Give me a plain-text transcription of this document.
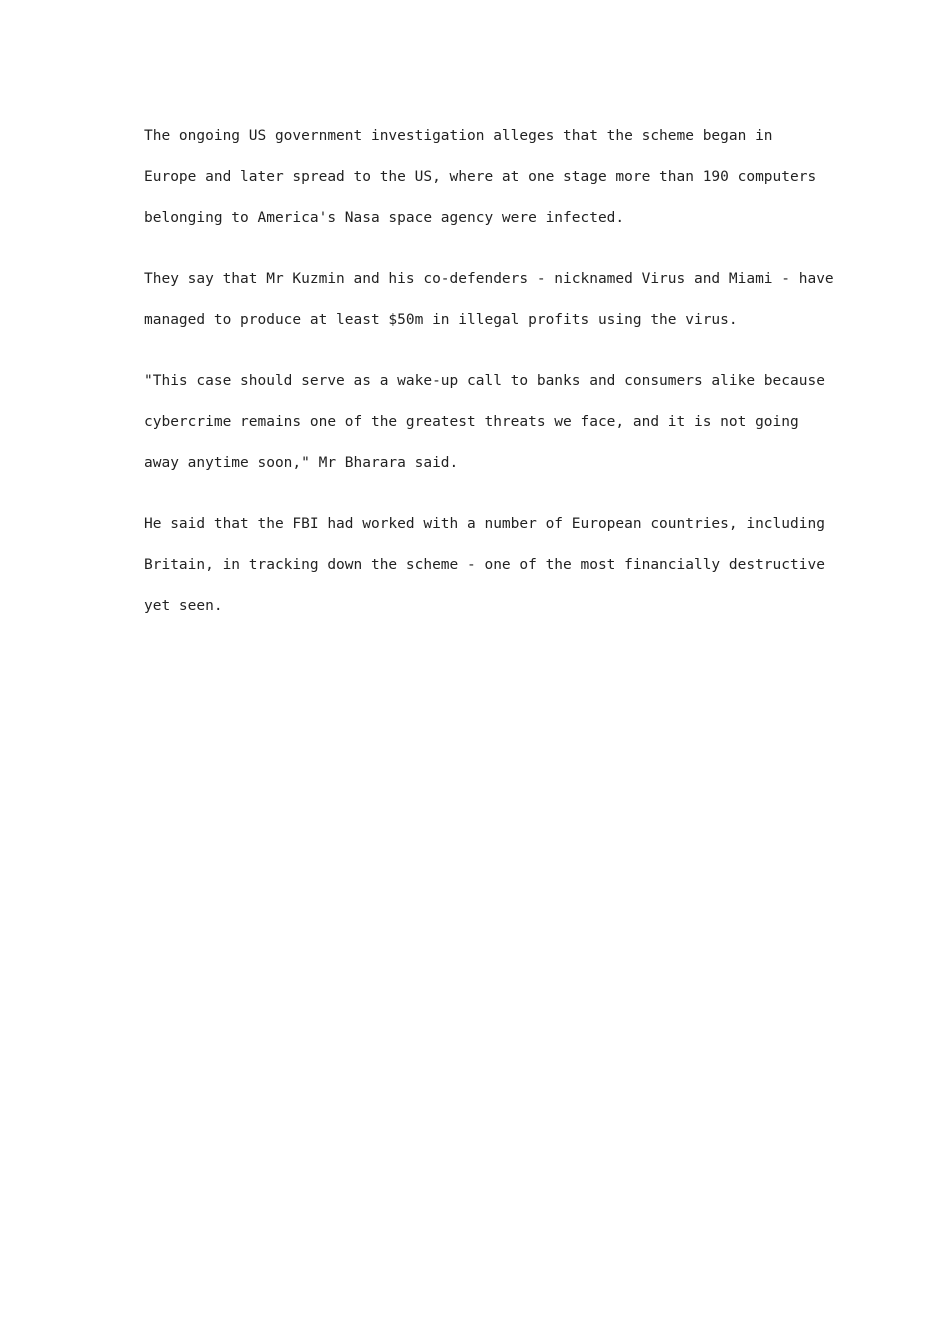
The ongoing US government investigation alleges that the scheme began in
Europe and later spread to the US, where at one stage more than 190 computers
belonging to America's Nasa space agency were infected.

They say that Mr Kuzmin and his co-defenders - nicknamed Virus and Miami - have
managed to produce at least $50m in illegal profits using the virus.

"This case should serve as a wake-up call to banks and consumers alike because
cybercrime remains one of the greatest threats we face, and it is not going
away anytime soon," Mr Bharara said.

He said that the FBI had worked with a number of European countries, including
Britain, in tracking down the scheme - one of the most financially destructive
yet seen.
